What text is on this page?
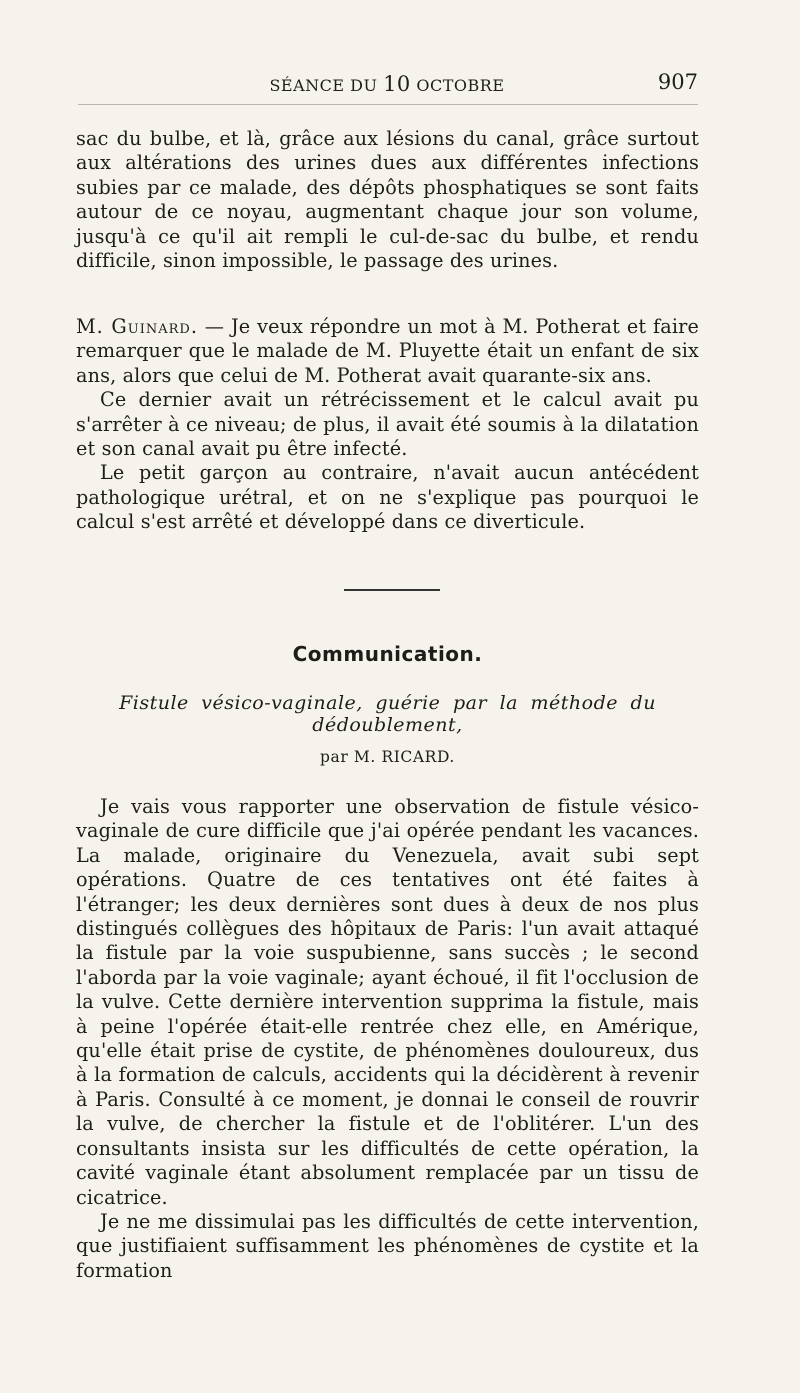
SÉANCE DU 10 OCTOBRE	907
sac du bulbe, et là, grâce aux lésions du canal, grâce surtout aux altérations des urines dues aux différentes infections subies par ce malade, des dépôts phosphatiques se sont faits autour de ce noyau, augmentant chaque jour son volume, jusqu'à ce qu'il ait rempli le cul-de-sac du bulbe, et rendu difficile, sinon impossible, le passage des urines.

M. Guinard. — Je veux répondre un mot à M. Potherat et faire remarquer que le malade de M. Pluyette était un enfant de six ans, alors que celui de M. Potherat avait quarante-six ans.

Ce dernier avait un rétrécissement et le calcul avait pu s'arrêter à ce niveau; de plus, il avait été soumis à la dilatation et son canal avait pu être infecté.

Le petit garçon au contraire, n'avait aucun antécédent pathologique urétral, et on ne s'explique pas pourquoi le calcul s'est arrêté et développé dans ce diverticule.

Communication.
Fistule vésico-vaginale, guérie par la méthode du dédoublement,
par M. RICARD.

Je vais vous rapporter une observation de fistule vésico-vaginale de cure difficile que j'ai opérée pendant les vacances. La malade, originaire du Venezuela, avait subi sept opérations. Quatre de ces tentatives ont été faites à l'étranger; les deux dernières sont dues à deux de nos plus distingués collègues des hôpitaux de Paris: l'un avait attaqué la fistule par la voie suspubienne, sans succès ; le second l'aborda par la voie vaginale; ayant échoué, il fit l'occlusion de la vulve. Cette dernière intervention supprima la fistule, mais à peine l'opérée était-elle rentrée chez elle, en Amérique, qu'elle était prise de cystite, de phénomènes douloureux, dus à la formation de calculs, accidents qui la décidèrent à revenir à Paris. Consulté à ce moment, je donnai le conseil de rouvrir la vulve, de chercher la fistule et de l'oblitérer. L'un des consultants insista sur les difficultés de cette opération, la cavité vaginale étant absolument remplacée par un tissu de cicatrice.

Je ne me dissimulai pas les difficultés de cette intervention, que justifiaient suffisamment les phénomènes de cystite et la formation
